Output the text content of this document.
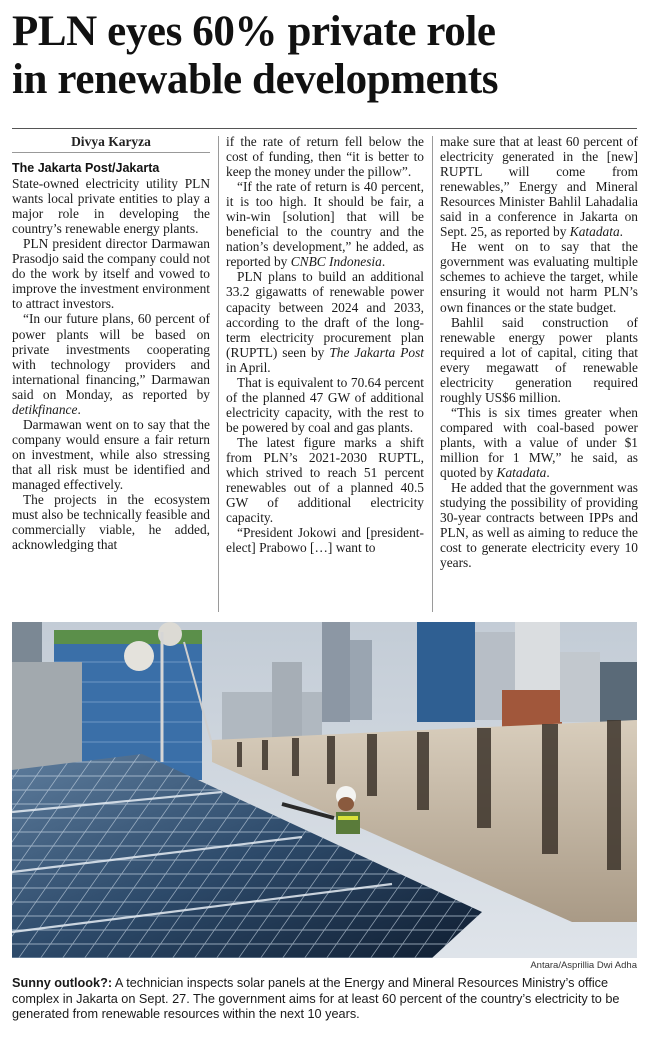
PLN eyes 60% private role
in renewable developments
Divya Karyza
The Jakarta Post/Jakarta

State-owned electricity utility PLN wants local private entities to play a major role in developing the country’s renewable energy plants.

PLN president director Darmawan Prasodjo said the company could not do the work by itself and vowed to improve the investment environment to attract investors.

“In our future plans, 60 percent of power plants will be based on private investments cooperating with technology providers and international financing,” Darmawan said on Monday, as reported by detikfinance.

Darmawan went on to say that the company would ensure a fair return on investment, while also stressing that all risk must be identified and managed effectively.

The projects in the ecosystem must also be technically feasible and commercially viable, he added, acknowledging that

if the rate of return fell below the cost of funding, then “it is better to keep the money under the pillow”.

“If the rate of return is 40 percent, it is too high. It should be fair, a win-win [solution] that will be beneficial to the country and the nation’s development,” he added, as reported by CNBC Indonesia.

PLN plans to build an additional 33.2 gigawatts of renewable power capacity between 2024 and 2033, according to the draft of the long-term electricity procurement plan (RUPTL) seen by The Jakarta Post in April.

That is equivalent to 70.64 percent of the planned 47 GW of additional electricity capacity, with the rest to be powered by coal and gas plants.

The latest figure marks a shift from PLN’s 2021-2030 RUPTL, which strived to reach 51 percent renewables out of a planned 40.5 GW of additional electricity capacity.

“President Jokowi and [president-elect] Prabowo […] want to

make sure that at least 60 percent of electricity generated in the [new] RUPTL will come from renewables,” Energy and Mineral Resources Minister Bahlil Lahadalia said in a conference in Jakarta on Sept. 25, as reported by Katadata.

He went on to say that the government was evaluating multiple schemes to achieve the target, while ensuring it would not harm PLN’s own finances or the state budget.

Bahlil said construction of renewable energy power plants required a lot of capital, citing that every megawatt of renewable electricity generation required roughly US$6 million.

“This is six times greater when compared with coal-based power plants, with a value of under $1 million for 1 MW,” he said, as quoted by Katadata.

He added that the government was studying the possibility of providing 30-year contracts between IPPs and PLN, as well as aiming to reduce the cost to generate electricity every 10 years.

Antara/Asprillia Dwi Adha

Sunny outlook?: A technician inspects solar panels at the Energy and Mineral Resources Ministry’s office complex in Jakarta on Sept. 27. The government aims for at least 60 percent of the country’s electricity to be generated from renewable resources within the next 10 years.
